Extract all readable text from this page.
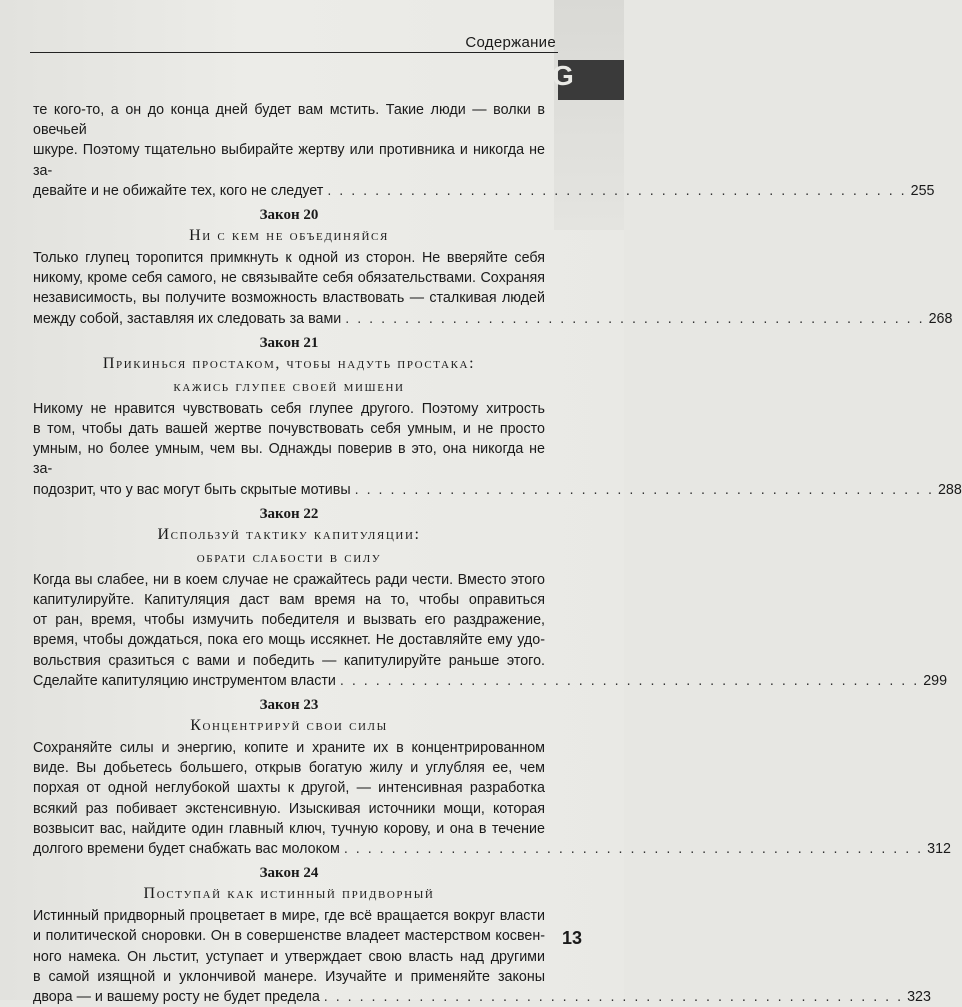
Содержание
G
те кого-то, а он до конца дней будет вам мстить. Такие люди — волки в овечьей
шкуре. Поэтому тщательно выбирайте жертву или противника и никогда не за-
девайте и не обижайте тех, кого не следует . . . . . . . . . . . . . . . . . . . . . . . . . . . . . . . . . . . . . . . . . . . . . . . . . 255
Закон 20
Ни с кем не объединяйся
Только глупец торопится примкнуть к одной из сторон. Не вверяйте себя
никому, кроме себя самого, не связывайте себя обязательствами. Сохраняя
независимость, вы получите возможность властвовать — сталкивая людей
между собой, заставляя их следовать за вами . . . . . . . . . . . . . . . . . . . . . . . . . . . . . . . . . . . . . . . . . . . . . . . . . 268
Закон 21
Прикинься простаком, чтобы надуть простака:
кажись глупее своей мишени
Никому не нравится чувствовать себя глупее другого. Поэтому хитрость
в том, чтобы дать вашей жертве почувствовать себя умным, и не просто
умным, но более умным, чем вы. Однажды поверив в это, она никогда не за-
подозрит, что у вас могут быть скрытые мотивы . . . . . . . . . . . . . . . . . . . . . . . . . . . . . . . . . . . . . . . . . . . . . . . . . 288
Закон 22
Используй тактику капитуляции:
обрати слабости в силу
Когда вы слабее, ни в коем случае не сражайтесь ради чести. Вместо этого
капитулируйте. Капитуляция даст вам время на то, чтобы оправиться
от ран, время, чтобы измучить победителя и вызвать его раздражение,
время, чтобы дождаться, пока его мощь иссякнет. Не доставляйте ему удо-
вольствия сразиться с вами и победить — капитулируйте раньше этого.
Сделайте капитуляцию инструментом власти . . . . . . . . . . . . . . . . . . . . . . . . . . . . . . . . . . . . . . . . . . . . . . . . . 299
Закон 23
Концентрируй свои силы
Сохраняйте силы и энергию, копите и храните их в концентрированном
виде. Вы добьетесь большего, открыв богатую жилу и углубляя ее, чем
порхая от одной неглубокой шахты к другой, — интенсивная разработка
всякий раз побивает экстенсивную. Изыскивая источники мощи, которая
возвысит вас, найдите один главный ключ, тучную корову, и она в течение
долгого времени будет снабжать вас молоком . . . . . . . . . . . . . . . . . . . . . . . . . . . . . . . . . . . . . . . . . . . . . . . . . 312
Закон 24
Поступай как истинный придворный
Истинный придворный процветает в мире, где всё вращается вокруг власти
и политической сноровки. Он в совершенстве владеет мастерством косвен-
ного намека. Он льстит, уступает и утверждает свою власть над другими
в самой изящной и уклончивой манере. Изучайте и применяйте законы
двора — и вашему росту не будет предела . . . . . . . . . . . . . . . . . . . . . . . . . . . . . . . . . . . . . . . . . . . . . . . . . 323
13
